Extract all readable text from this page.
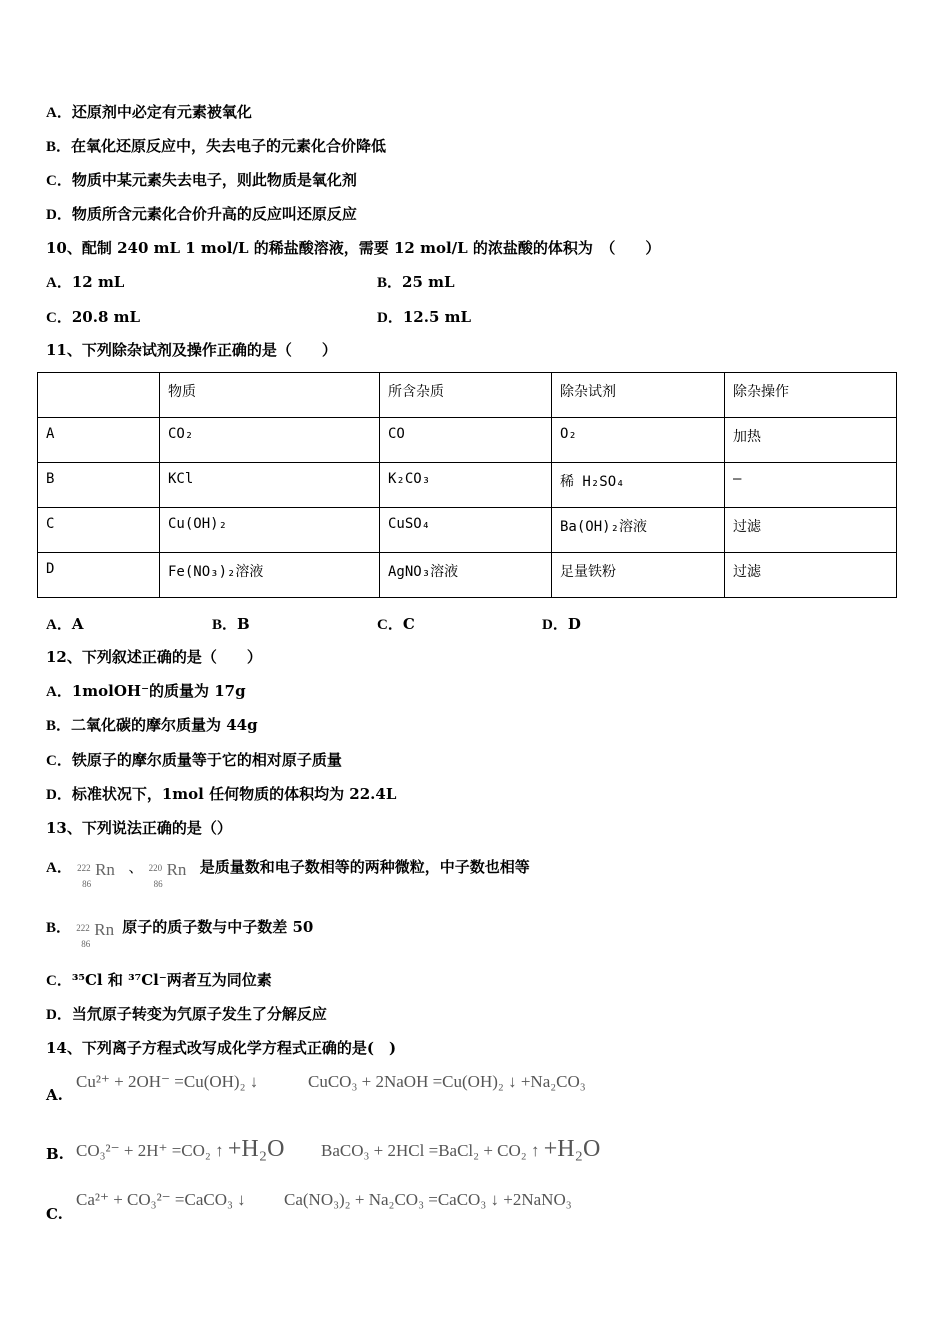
A．还原剂中必定有元素被氧化
B．在氧化还原反应中，失去电子的元素化合价降低
C．物质中某元素失去电子，则此物质是氧化剂
D．物质所含元素化合价升高的反应叫还原反应
10、配制 240 mL 1 mol/L 的稀盐酸溶液，需要 12 mol/L 的浓盐酸的体积为　（　　）
A．12 mL	B．25 mL
C．20.8 mL	D．12.5 mL
11、下列除杂试剂及操作正确的是（　　）
	物质	所含杂质	除杂试剂	除杂操作
A	CO₂	CO	O₂	加热
B	KCl	K₂CO₃	稀 H₂SO₄	—
C	Cu(OH)₂	CuSO₄	Ba(OH)₂溶液	过滤
D	Fe(NO₃)₂溶液	AgNO₃溶液	足量铁粉	过滤
A．A	B．B	C．C	D．D
12、下列叙述正确的是（　　）
A．1molOH⁻的质量为 17g
B．二氧化碳的摩尔质量为 44g
C．铁原子的摩尔质量等于它的相对原子质量
D．标准状况下，1mol 任何物质的体积均为 22.4L
13、下列说法正确的是（）
A． 222
86
Rn 、 220
86
Rn 是质量数和电子数相等的两种微粒，中子数也相等
B． 222
86
Rn 原子的质子数与中子数差 50
C．³⁵Cl 和 ³⁷Cl⁻两者互为同位素
D．当氘原子转变为氕原子发生了分解反应
14、下列离子方程式改写成化学方程式正确的是(　)
A.
Cu²⁺ + 2OH⁻ =Cu(OH)₂ ↓	CuCO₃ + 2NaOH =Cu(OH)₂ ↓ +Na₂CO₃
B. CO₃²⁻ + 2H⁺ =CO₂ ↑ +H₂O BaCO₃ + 2HCl =BaCl₂ + CO₂ ↑ +H₂O
C.
Ca²⁺ + CO₃²⁻ =CaCO₃ ↓ Ca(NO₃)₂ + Na₂CO₃ =CaCO₃ ↓ +2NaNO₃
